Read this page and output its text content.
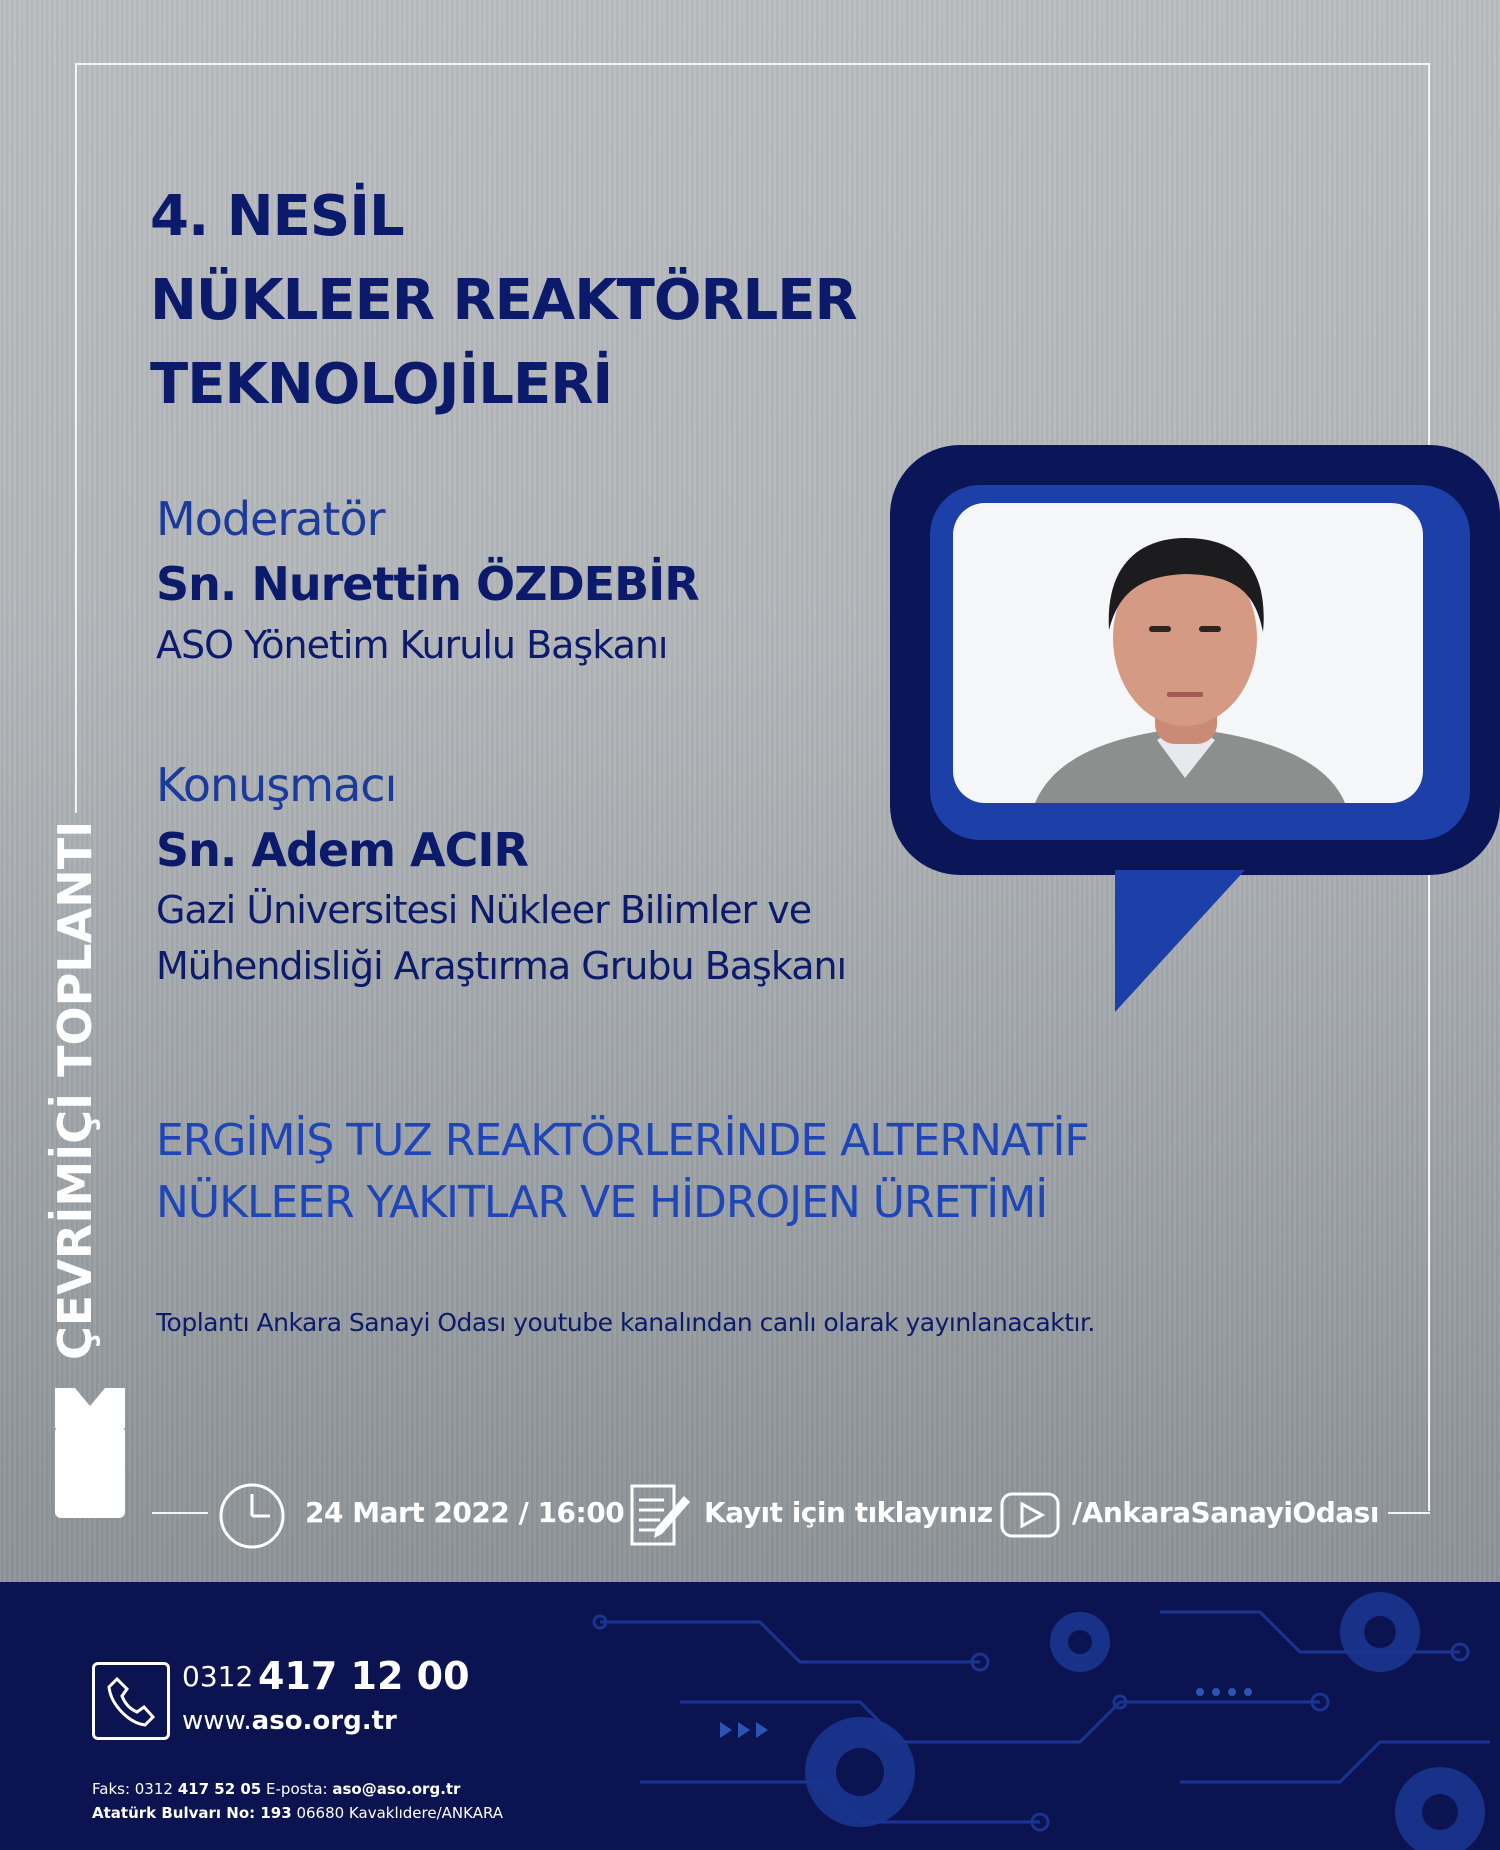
4. NESİL
NÜKLEER REAKTÖRLER
TEKNOLOJİLERİ
Moderatör
Sn. Nurettin ÖZDEBİR
ASO Yönetim Kurulu Başkanı
Konuşmacı
Sn. Adem ACIR
Gazi Üniversitesi Nükleer Bilimler ve
Mühendisliği Araştırma Grubu Başkanı
ERGİMİŞ TUZ REAKTÖRLERİNDE ALTERNATİF
NÜKLEER YAKITLAR VE HİDROJEN ÜRETİMİ
Toplantı Ankara Sanayi Odası youtube kanalından canlı olarak yayınlanacaktır.
ÇEVRİMİÇİ TOPLANTI
24 Mart 2022 / 16:00	Kayıt için tıklayınız	/AnkaraSanayiOdası
0312 417 12 00
www.aso.org.tr
Faks: 0312 417 52 05 E-posta: aso@aso.org.tr
Atatürk Bulvarı No: 193 06680 Kavaklıdere/ANKARA
